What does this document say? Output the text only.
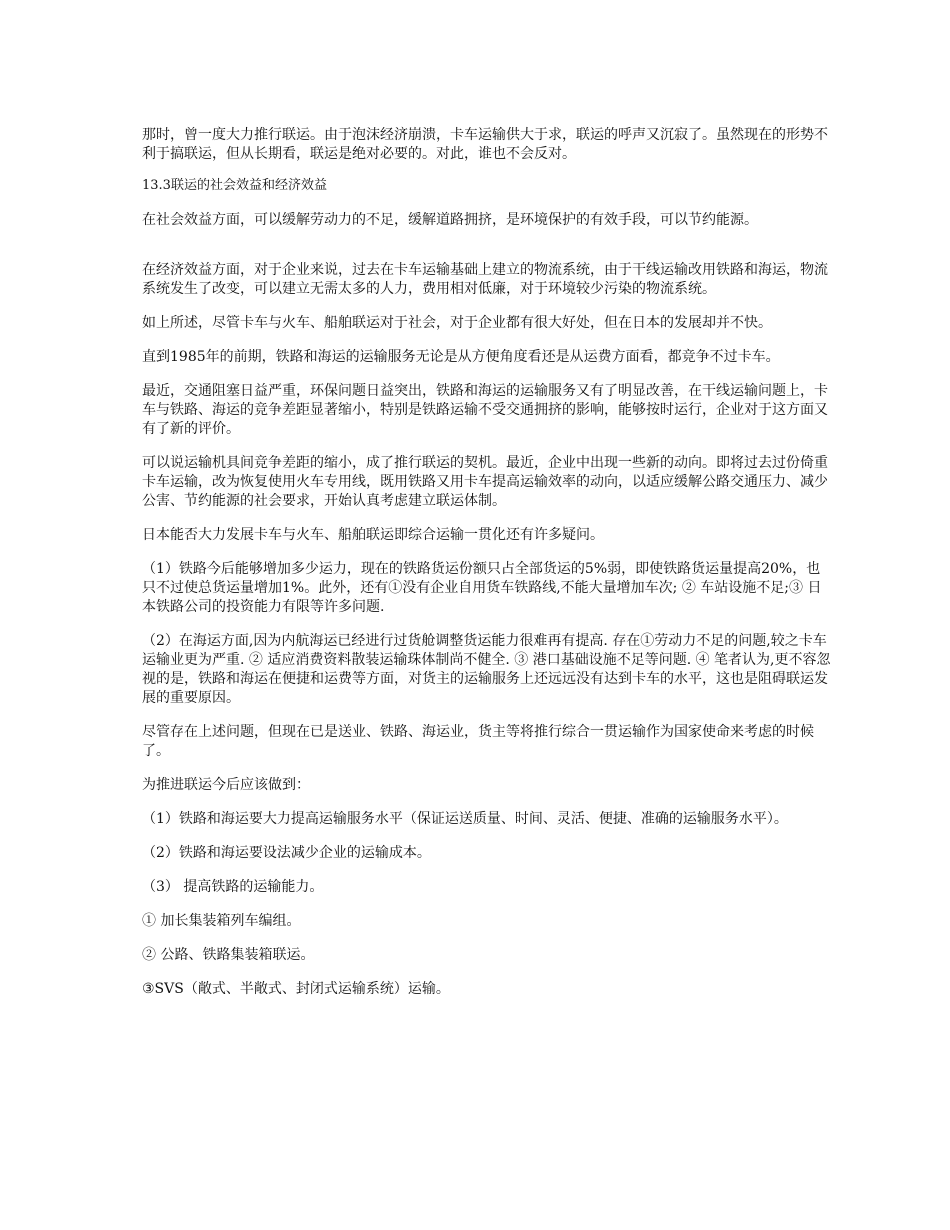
那时，曾一度大力推行联运。由于泡沫经济崩溃，卡车运输供大于求，联运的呼声又沉寂了。虽然现在的形势不利于搞联运，但从长期看，联运是绝对必要的。对此，谁也不会反对。

13.3联运的社会效益和经济效益

在社会效益方面，可以缓解劳动力的不足，缓解道路拥挤，是环境保护的有效手段，可以节约能源。

在经济效益方面，对于企业来说，过去在卡车运输基础上建立的物流系统，由于干线运输改用铁路和海运，物流系统发生了改变，可以建立无需太多的人力，费用相对低廉，对于环境较少污染的物流系统。

如上所述，尽管卡车与火车、船舶联运对于社会，对于企业都有很大好处，但在日本的发展却并不快。

直到1985年的前期，铁路和海运的运输服务无论是从方便角度看还是从运费方面看，都竞争不过卡车。

最近，交通阻塞日益严重，环保问题日益突出，铁路和海运的运输服务又有了明显改善，在干线运输问题上，卡车与铁路、海运的竞争差距显著缩小，特别是铁路运输不受交通拥挤的影响，能够按时运行，企业对于这方面又有了新的评价。

可以说运输机具间竞争差距的缩小，成了推行联运的契机。最近，企业中出现一些新的动向。即将过去过份倚重卡车运输，改为恢复使用火车专用线，既用铁路又用卡车提高运输效率的动向，以适应缓解公路交通压力、减少公害、节约能源的社会要求，开始认真考虑建立联运体制。

日本能否大力发展卡车与火车、船舶联运即综合运输一贯化还有许多疑问。

（1）铁路今后能够增加多少运力，现在的铁路货运份额只占全部货运的5%弱，即使铁路货运量提高20%，也只不过使总货运量增加1%。此外，还有①没有企业自用货车铁路线,不能大量增加车次; ② 车站设施不足;③ 日本铁路公司的投资能力有限等许多问题.

（2）在海运方面,因为内航海运已经进行过货舱调整货运能力很难再有提高. 存在①劳动力不足的问题,较之卡车运输业更为严重. ② 适应消费资料散装运输珠体制尚不健全. ③ 港口基础设施不足等问题. ④ 笔者认为,更不容忽视的是，铁路和海运在便捷和运费等方面，对货主的运输服务上还远远没有达到卡车的水平，这也是阻碍联运发展的重要原因。

尽管存在上述问题，但现在已是送业、铁路、海运业，货主等将推行综合一贯运输作为国家使命来考虑的时候了。

为推进联运今后应该做到：

（1）铁路和海运要大力提高运输服务水平（保证运送质量、时间、灵活、便捷、准确的运输服务水平）。

（2）铁路和海运要设法减少企业的运输成本。

（3） 提高铁路的运输能力。

① 加长集装箱列车编组。

② 公路、铁路集装箱联运。

③SVS（敞式、半敞式、封闭式运输系统）运输。
